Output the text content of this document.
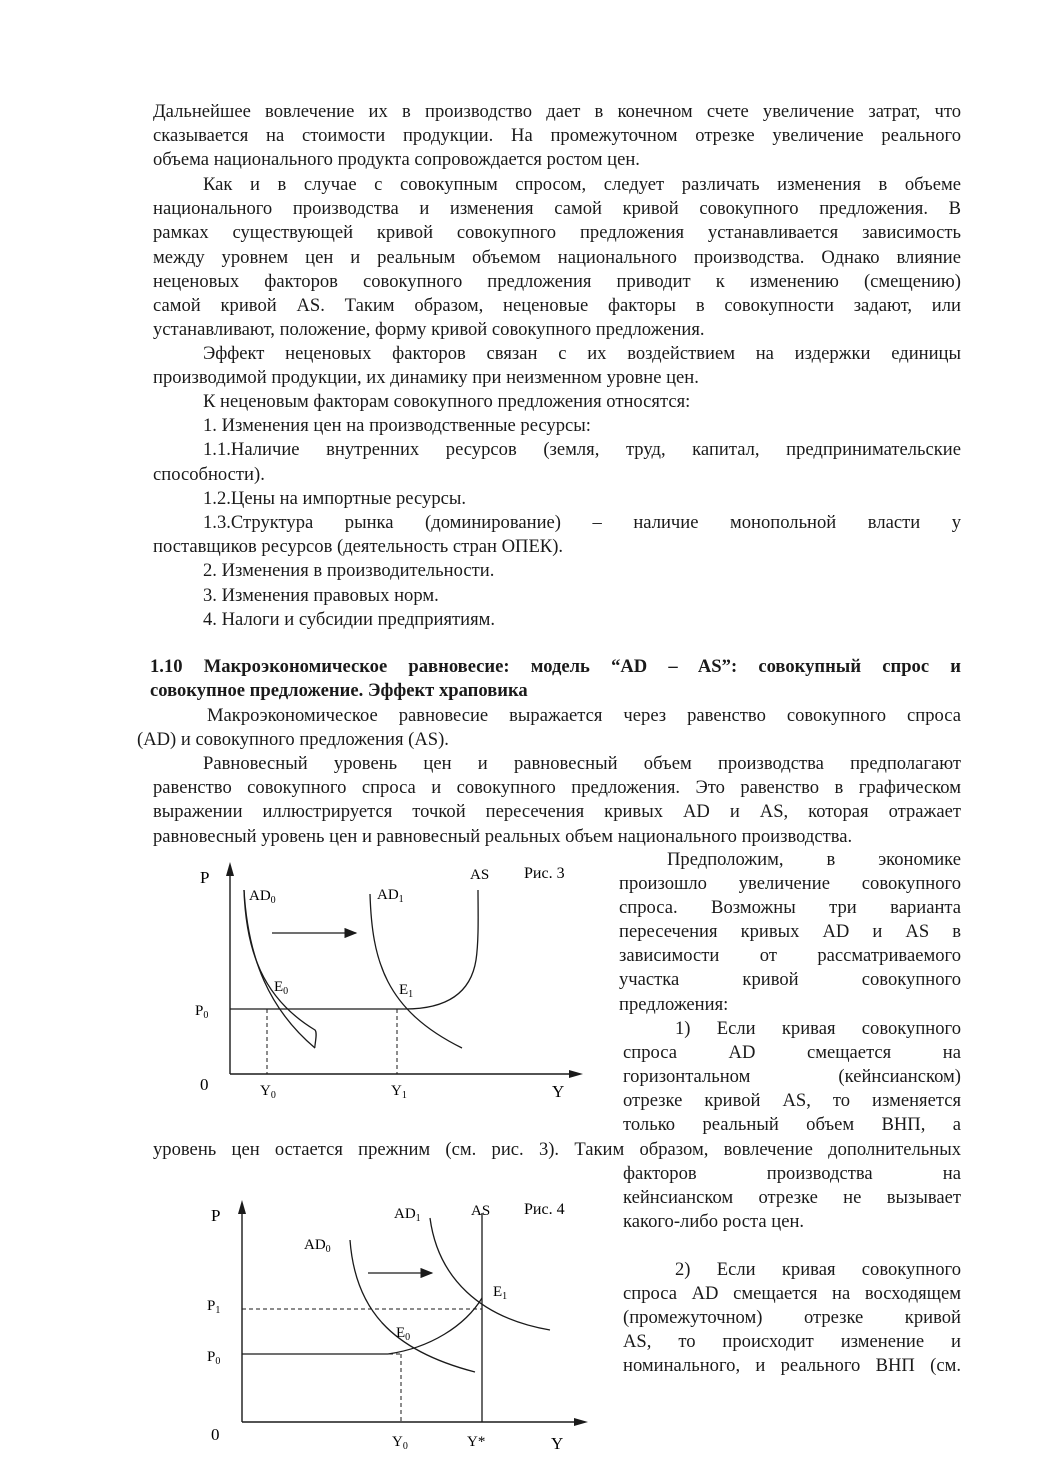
Дальнейшее вовлечение их в производство дает в конечном счете увеличение затрат, что
сказывается на стоимости продукции. На промежуточном отрезке увеличение реального
объема национального продукта сопровождается ростом цен.
Как и в случае с совокупным спросом, следует различать изменения в объеме
национального производства и изменения самой кривой совокупного предложения. В
рамках существующей кривой совокупного предложения устанавливается зависимость
между уровнем цен и реальным объемом национального производства. Однако влияние
неценовых факторов совокупного предложения приводит к изменению (смещению)
самой кривой AS. Таким образом, неценовые факторы в совокупности задают, или
устанавливают, положение, форму кривой совокупного предложения.
Эффект неценовых факторов связан с их воздействием на издержки единицы
производимой продукции, их динамику при неизменном уровне цен.
К неценовым факторам совокупного предложения относятся:
1. Изменения цен на производственные ресурсы:
1.1.Наличие внутренних ресурсов (земля, труд, капитал, предпринимательские
способности).
1.2.Цены на импортные ресурсы.
1.3.Структура рынка (доминирование) – наличие монопольной власти у
поставщиков ресурсов (деятельность стран ОПЕК).
2. Изменения в производительности.
3. Изменения правовых норм.
4. Налоги и субсидии предприятиям.
1.10 Макроэкономическое равновесие: модель “AD – AS”: совокупный спрос и
совокупное предложение. Эффект храповика
Макроэкономическое равновесие выражается через равенство совокупного спроса
(AD) и совокупного предложения (AS).
Равновесный уровень цен и равновесный объем производства предполагают
равенство совокупного спроса и совокупного предложения. Это равенство в графическом
выражении иллюстрируется точкой пересечения кривых AD и AS, которая отражает
равновесный уровень цен и равновесный реальных объем национального производства.
Предположим, в экономике
произошло увеличение совокупного
спроса. Возможны три варианта
пересечения кривых AD и AS в
зависимости от рассматриваемого
участка кривой совокупного
предложения:
1) Если кривая совокупного
спроса AD смещается на
горизонтальном (кейнсианском)
отрезке кривой AS, то изменяется
только реальный объем ВНП, а
уровень цен остается прежним (см. рис. 3). Таким образом, вовлечение дополнительных
факторов производства на
кейнсианском отрезке не вызывает
какого-либо роста цен.
2) Если кривая совокупного
спроса AD смещается на восходящем
(промежуточном) отрезке кривой
AS, то происходит изменение и
номинального, и реального ВНП (см.
P
Y
0
Рис. 3
AS
$AD_0$	$AD_1$
$E_0$	$E_1$
$P_0$
$Y_0$	$Y_1$
P
Y
0
Рис. 4
AS
$AD_0$
$AD_1$
$E_1$
$E_0$
$P_1$
$P_0$
$Y_0$	Y*
